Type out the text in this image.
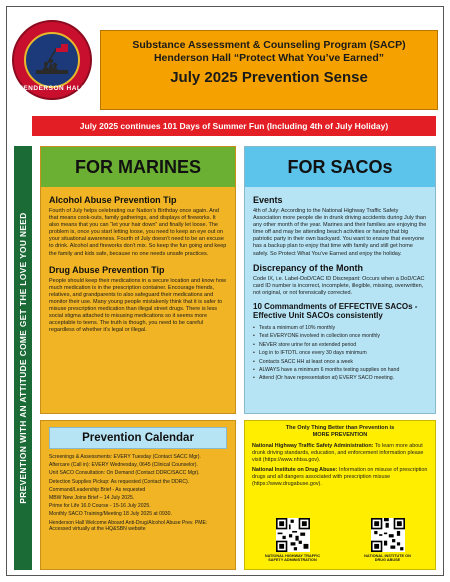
HENDERSON HALL
Substance Assessment & Counseling Program (SACP)
Henderson Hall “Protect What You’ve Earned”
July 2025 Prevention Sense
July 2025 continues 101 Days of Summer Fun (Including 4th of July Holiday)
PREVENTION WITH AN ATTITUDE COME GET THE LOVE YOU NEED
FOR MARINES
Alcohol Abuse Prevention Tip
Fourth of July helps celebrating our Nation’s Birthday once again. And that means cook-outs, family gatherings, and displays of fireworks. It also means that you can “let your hair down” and finally let loose. The problem is, once you start letting loose, you need to keep an eye out on your situational awareness. Fourth of July doesn’t need to be an excuse to drink. Alcohol and fireworks don’t mix. So keep the fun going and keep the family and kids safe, because no one needs unsafe practices.
Drug Abuse Prevention Tip
People should keep their medications in a secure location and know how much medication is in the prescription container. Encourage friends, relatives, and grandparents to also safeguard their medications and monitor their use. Many young people mistakenly think that it is safer to misuse prescription medication than illegal street drugs. There is less social stigma attached to misusing medications so it seems more acceptable to teens. The truth is though, you need to be careful regardless of whether it’s legal or illegal.
FOR SACOs
Events
4th of July: According to the National Highway Traffic Safety Association more people die in drunk driving accidents during July than any other month of the year. Marines and their families are enjoying the time off and may be attending beach activities or having that big patriotic party in their own backyard. You want to ensure that everyone has a backup plan to enjoy that time with family and still get home safely. So Protect What You’ve Earned and enjoy the holiday.
Discrepancy of the Month
Code IX, i.e. Label-DoD/CAC ID Discrepant: Occurs when a DoD/CAC card ID number is incorrect, incomplete, illegible, missing, overwritten, not original, or not forensically corrected.
10 Commandments of EFFECTIVE SACOs - Effective Unit SACOs consistently
• Tests a minimum of 10% monthly
• Test EVERYONE involved in collection once monthly
• NEVER store urine for an extended period
• Log in to IFTDTL once every 30 days minimum
• Contacts SACC HH at least once a week
• ALWAYS have a minimum 6 months testing supplies on hand
• Attend (Or have representation at) EVERY SACO meeting.
Prevention Calendar
Screenings & Assessments: EVERY Tuesday (Contact SACC Mgr).
Aftercare (Call in): EVERY Wednesday, 0645 (Clinical Counselor).
Unit SACO Consultation: On Demand (Contact DDRC/SACC Mgr).
Detection Supplies Pickup: As requested (Contact the DDRC).
Command/Leadership Brief - As requested
MBW New Joins Brief – 14 July 2025.
Prime for Life 16.0 Course - 15-16 July 2025.
Monthly SACO Training/Meeting 18 July 2025 at 0930.
Henderson Hall Welcome Aboard Anti-Drug/Alcohol Abuse Prev. PME: Accessed virtually at the HQ&SBN website
The Only Thing Better than Prevention is
MORE PREVENTION
National Highway Traffic Safety Administration: To learn more about drunk driving standards, education, and enforcement information please visit (https://www.nhtsa.gov).
National Institute on Drug Abuse: Information on misuse of prescription drugs and all dangers associated with prescription misuse (https://www.drugabuse.gov).
NATIONAL HIGHWAY TRAFFIC SAFETY ADMINISTRATION
NATIONAL INSTITUTE ON DRUG ABUSE
